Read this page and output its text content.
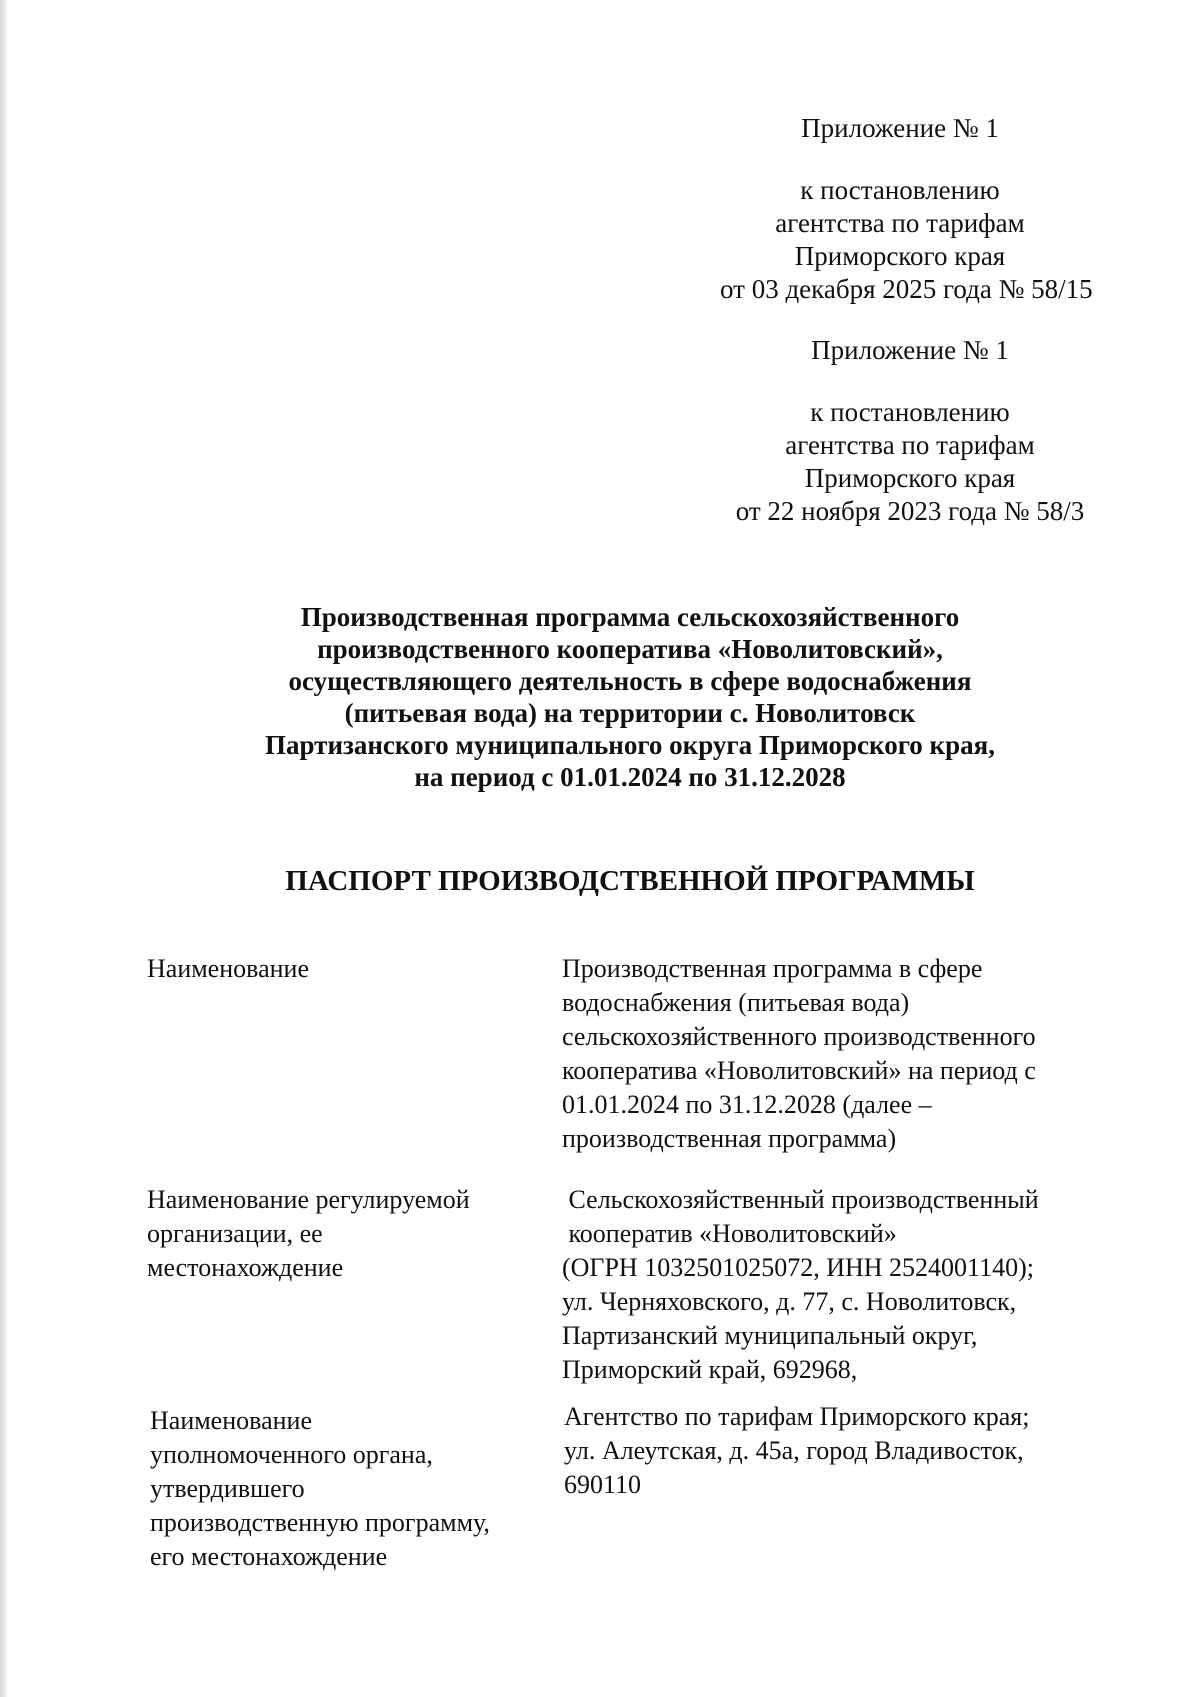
Приложение № 1
к постановлению
агентства по тарифам
Приморского края
от 03 декабря 2025 года № 58/15
Приложение № 1
к постановлению
агентства по тарифам
Приморского края
от 22 ноября 2023 года № 58/3
Производственная программа сельскохозяйственного
производственного кооператива «Новолитовский»,
осуществляющего деятельность в сфере водоснабжения
(питьевая вода) на территории с. Новолитовск
Партизанского муниципального округа Приморского края,
на период с 01.01.2024 по 31.12.2028
ПАСПОРТ ПРОИЗВОДСТВЕННОЙ ПРОГРАММЫ
Наименование	Производственная программа в сфере
водоснабжения (питьевая вода)
сельскохозяйственного производственного
кооператива «Новолитовский» на период с
01.01.2024 по 31.12.2028 (далее –
производственная программа)
Наименование регулируемой
организации, ее
местонахождение
Сельскохозяйственный производственный
кооператив «Новолитовский»
(ОГРН 1032501025072, ИНН 2524001140);
ул. Черняховского, д. 77, с. Новолитовск,
Партизанский муниципальный округ,
Приморский край, 692968,
Наименование
уполномоченного органа,
утвердившего
производственную программу,
его местонахождение
Агентство по тарифам Приморского края;
ул. Алеутская, д. 45а, город Владивосток,
690110
